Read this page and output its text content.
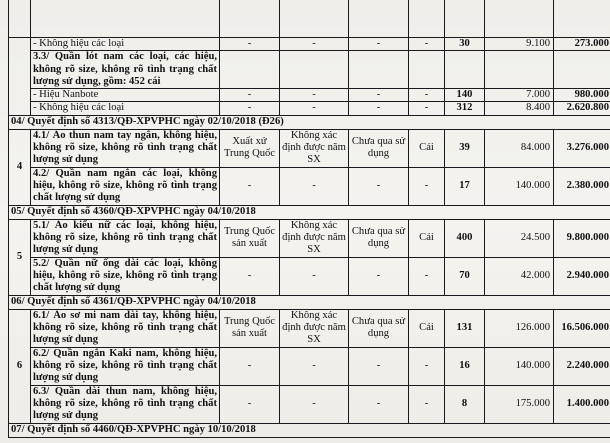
	- Không hiệu các loại	-	-	-	-	30	9.100	273.000
	3.3/ Quần lót nam các loại, các hiệu, không rõ size, không rõ tình trạng chất lượng sử dụng, gồm: 452 cái							
	- Hiệu Nanbote	-	-	-	-	140	7.000	980.000
	- Không hiệu các loại	-	-	-	-	312	8.400	2.620.800
04/ Quyết định số 4313/QĐ-XPVPHC ngày 02/10/2018 (Đ26)								
4	4.1/ Áo thun nam tay ngắn, không hiệu, không rõ size, không rõ tình trạng chất lượng sử dụng	Xuất xứ Trung Quốc	Không xác định được năm SX	Chưa qua sử dụng	Cái	39	84.000	3.276.000
	4.2/ Quần nam ngắn các loại, không hiệu, không rõ size, không rõ tình trạng chất lượng sử dụng	-	-	-	-	17	140.000	2.380.000
05/ Quyết định số 4360/QĐ-XPVPHC ngày 04/10/2018								
5	5.1/ Áo kiểu nữ các loại, không hiệu, không rõ size, không rõ tình trạng chất lượng sử dụng	Trung Quốc sản xuất	Không xác định được năm SX	Chưa qua sử dụng	Cái	400	24.500	9.800.000
	5.2/ Quần nữ ống dài các loại, không hiệu, không rõ size, không rõ tình trạng chất lượng sử dụng	-	-	-	-	70	42.000	2.940.000
06/ Quyết định số 4361/QĐ-XPVPHC ngày 04/10/2018								
6	6.1/ Áo sơ mi nam dài tay, không hiệu, không rõ size, không rõ tình trạng chất lượng sử dụng	Trung Quốc sản xuất	Không xác định được năm SX	Chưa qua sử dụng	Cái	131	126.000	16.506.000
	6.2/ Quần ngắn Kaki nam, không hiệu, không rõ size, không rõ tình trạng chất lượng sử dụng	-	-	-	-	16	140.000	2.240.000
	6.3/ Quần dài thun nam, không hiệu, không rõ size, không rõ tình trạng chất lượng sử dụng	-	-	-	-	8	175.000	1.400.000
07/ Quyết định số 4460/QĐ-XPVPHC ngày 10/10/2018								
